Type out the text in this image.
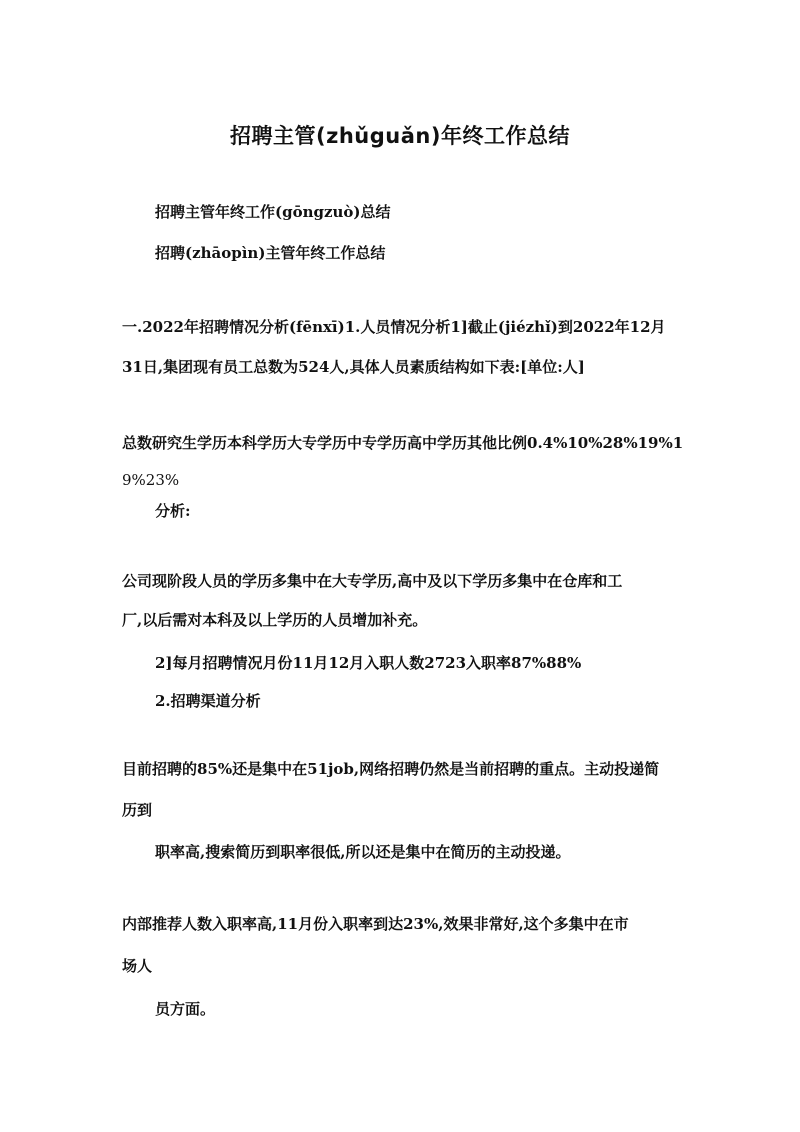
招聘主管(zhǔguǎn)年终工作总结
招聘主管年终工作(gōngzuò)总结
招聘(zhāopìn)主管年终工作总结
一.2022年招聘情况分析(fēnxī)1.人员情况分析1]截止(jiézhǐ)到2022年12月
31日,集团现有员工总数为524人,具体人员素质结构如下表:[单位:人]
总数研究生学历本科学历大专学历中专学历高中学历其他比例0.4%10%28%19%1
9%23%
分析:
公司现阶段人员的学历多集中在大专学历,高中及以下学历多集中在仓库和工
厂,以后需对本科及以上学历的人员增加补充。
2]每月招聘情况月份11月12月入职人数2723入职率87%88%
2.招聘渠道分析
目前招聘的85%还是集中在51job,网络招聘仍然是当前招聘的重点。主动投递简
历到
职率高,搜索简历到职率很低,所以还是集中在简历的主动投递。
内部推荐人数入职率高,11月份入职率到达23%,效果非常好,这个多集中在市
场人
员方面。
